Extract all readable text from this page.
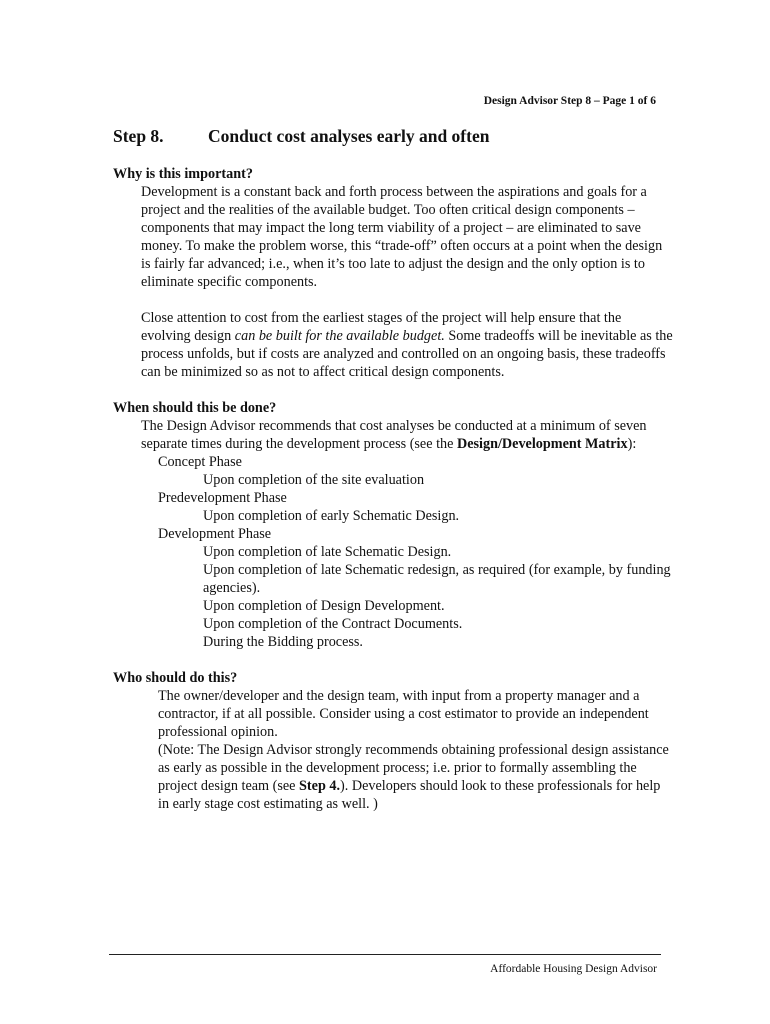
Design Advisor Step 8 – Page 1 of 6
Step 8.	Conduct cost analyses early and often

Why is this important?

Development is a constant back and forth process between the aspirations and goals for a project and the realities of the available budget. Too often critical design components – components that may impact the long term viability of a project – are eliminated to save money. To make the problem worse, this “trade-off” often occurs at a point when the design is fairly far advanced; i.e., when it’s too late to adjust the design and the only option is to eliminate specific components.

Close attention to cost from the earliest stages of the project will help ensure that the evolving design can be built for the available budget. Some tradeoffs will be inevitable as the process unfolds, but if costs are analyzed and controlled on an ongoing basis, these tradeoffs can be minimized so as not to affect critical design components.

When should this be done?

The Design Advisor recommends that cost analyses be conducted at a minimum of seven separate times during the development process (see the Design/Development Matrix):

Concept Phase

Upon completion of the site evaluation

Predevelopment Phase

Upon completion of early Schematic Design.

Development Phase

Upon completion of late Schematic Design.

Upon completion of late Schematic redesign, as required (for example, by funding agencies).

Upon completion of Design Development.

Upon completion of the Contract Documents.

During the Bidding process.

Who should do this?

The owner/developer and the design team, with input from a property manager and a contractor, if at all possible. Consider using a cost estimator to provide an independent professional opinion.

(Note: The Design Advisor strongly recommends obtaining professional design assistance as early as possible in the development process; i.e. prior to formally assembling the project design team (see Step 4.). Developers should look to these professionals for help in early stage cost estimating as well. )

Affordable Housing Design Advisor
